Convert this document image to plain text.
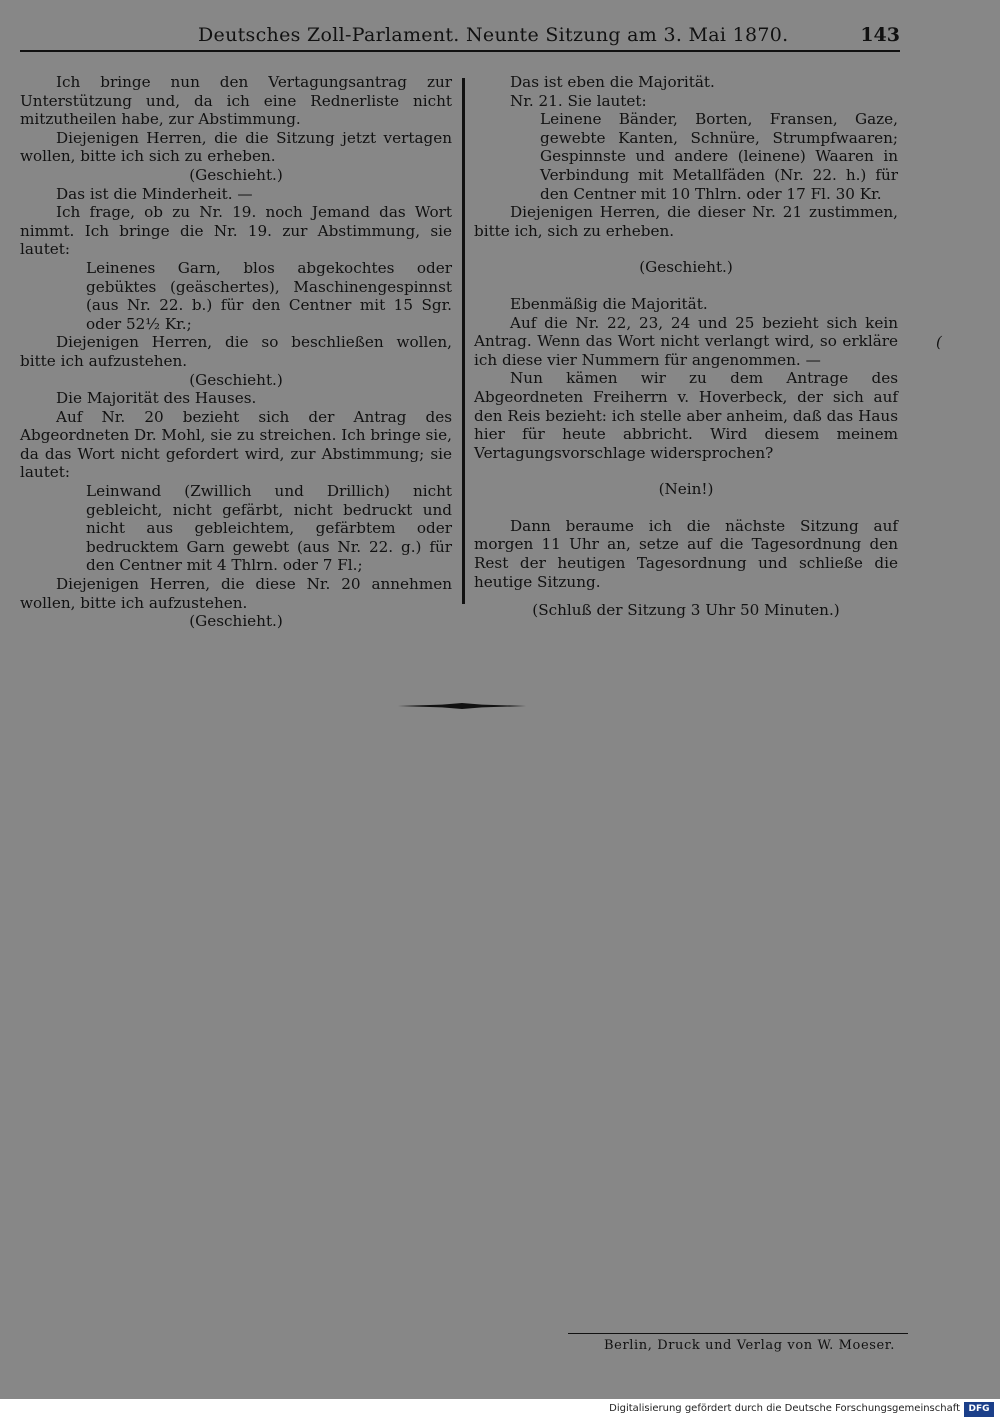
Deutsches Zoll-Parlament. Neunte Sitzung am 3. Mai 1870.	143

Ich bringe nun den Vertagungsantrag zur Unterstützung und, da ich eine Rednerliste nicht mitzutheilen habe, zur Abstimmung.

Diejenigen Herren, die die Sitzung jetzt vertagen wollen, bitte ich sich zu erheben.

(Geschieht.)

Das ist die Minderheit. —

Ich frage, ob zu Nr. 19. noch Jemand das Wort nimmt. Ich bringe die Nr. 19. zur Abstimmung, sie lautet:

Leinenes Garn, blos abgekochtes oder gebüktes (geäschertes), Maschinengespinnst (aus Nr. 22. b.) für den Centner mit 15 Sgr. oder 52½ Kr.;

Diejenigen Herren, die so beschließen wollen, bitte ich aufzustehen.

(Geschieht.)

Die Majorität des Hauses.

Auf Nr. 20 bezieht sich der Antrag des Abgeordneten Dr. Mohl, sie zu streichen. Ich bringe sie, da das Wort nicht gefordert wird, zur Abstimmung; sie lautet:

Leinwand (Zwillich und Drillich) nicht gebleicht, nicht gefärbt, nicht bedruckt und nicht aus gebleichtem, gefärbtem oder bedrucktem Garn gewebt (aus Nr. 22. g.) für den Centner mit 4 Thlrn. oder 7 Fl.;

Diejenigen Herren, die diese Nr. 20 annehmen wollen, bitte ich aufzustehen.

(Geschieht.)

Das ist eben die Majorität.

Nr. 21. Sie lautet:

Leinene Bänder, Borten, Fransen, Gaze, gewebte Kanten, Schnüre, Strumpfwaaren; Gespinnste und andere (leinene) Waaren in Verbindung mit Metallfäden (Nr. 22. h.) für den Centner mit 10 Thlrn. oder 17 Fl. 30 Kr.

Diejenigen Herren, die dieser Nr. 21 zustimmen, bitte ich, sich zu erheben.

(Geschieht.)

Ebenmäßig die Majorität.

Auf die Nr. 22, 23, 24 und 25 bezieht sich kein Antrag. Wenn das Wort nicht verlangt wird, so erkläre ich diese vier Nummern für angenommen. —

Nun kämen wir zu dem Antrage des Abgeordneten Freiherrn v. Hoverbeck, der sich auf den Reis bezieht: ich stelle aber anheim, daß das Haus hier für heute abbricht. Wird diesem meinem Vertagungsvorschlage widersprochen?

(Nein!)

Dann beraume ich die nächste Sitzung auf morgen 11 Uhr an, setze auf die Tagesordnung den Rest der heutigen Tagesordnung und schließe die heutige Sitzung.

(Schluß der Sitzung 3 Uhr 50 Minuten.)

(
Berlin, Druck und Verlag von W. Moeser.
Digitalisierung gefördert durch die Deutsche Forschungsgemeinschaft DFG
